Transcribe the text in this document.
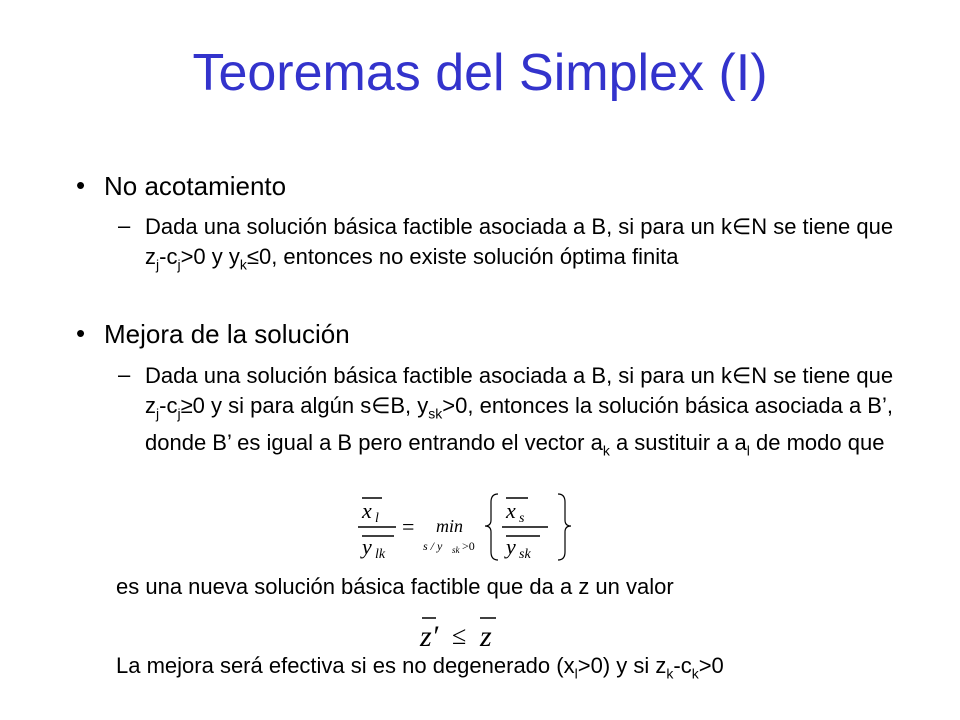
Teoremas del Simplex (I)
• No acotamiento
– Dada una solución básica factible asociada a B, si para un k∈N se tiene que $z_j-c_j>0$ y $y_k\le 0$, entonces no existe solución óptima finita
• Mejora de la solución
– Dada una solución básica factible asociada a B, si para un k∈N se tiene que $z_j-c_j\ge 0$ y si para algún s∈B, $y_{sk}>0$, entonces la solución básica asociada a B’, donde B’ es igual a B pero entrando el vector $a_k$ a sustituir a $a_l$ de modo que
x l
y lk
= min
s / y sk >0
x s
y sk
es una nueva solución básica factible que da a z un valor
z′ ≤ z
La mejora será efectiva si es no degenerado $(x_l>0)$ y si $z_k-c_k>0$
